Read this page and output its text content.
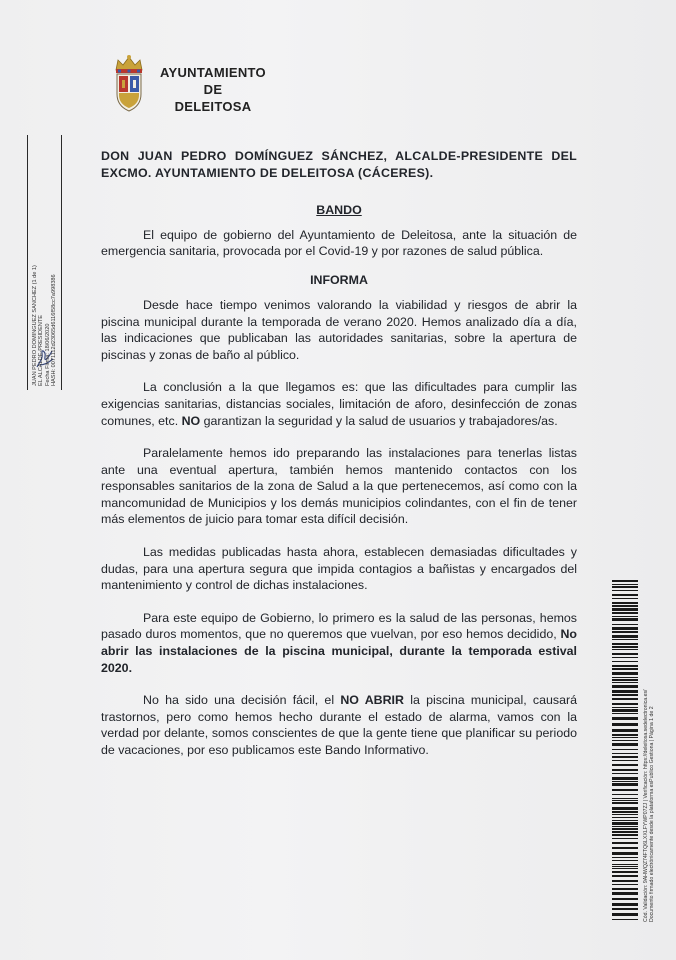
AYUNTAMIENTO
DE
DELEITOSA
JUAN PEDRO DOMINGUEZ SANCHEZ (1 de 1) EL ALCALDE-PRESIDENTE Fecha Firma: 18/06/2020 HASH: 0071112d23065d6116f58cc7a998386
DON JUAN PEDRO DOMÍNGUEZ SÁNCHEZ, ALCALDE-PRESIDENTE DEL EXCMO. AYUNTAMIENTO DE DELEITOSA (CÁCERES).
BANDO

El equipo de gobierno del Ayuntamiento de Deleitosa, ante la situación de emergencia sanitaria, provocada por el Covid-19 y por razones de salud pública.

INFORMA

Desde hace tiempo venimos valorando la viabilidad y riesgos de abrir la piscina municipal durante la temporada de verano 2020. Hemos analizado día a día, las indicaciones que publicaban las autoridades sanitarias, sobre la apertura de piscinas y zonas de baño al público.

La conclusión a la que llegamos es: que las dificultades para cumplir las exigencias sanitarias, distancias sociales, limitación de aforo, desinfección de zonas comunes, etc. NO garantizan la seguridad y la salud de usuarios y trabajadores/as.

Paralelamente hemos ido preparando las instalaciones para tenerlas listas ante una eventual apertura, también hemos mantenido contactos con los responsables sanitarios de la zona de Salud a la que pertenecemos, así como con la mancomunidad de Municipios y los demás municipios colindantes, con el fin de tener más elementos de juicio para tomar esta difícil decisión.

Las medidas publicadas hasta ahora, establecen demasiadas dificultades y dudas, para una apertura segura que impida contagios a bañistas y encargados del mantenimiento y control de dichas instalaciones.

Para este equipo de Gobierno, lo primero es la salud de las personas, hemos pasado duros momentos, que no queremos que vuelvan, por eso hemos decidido, No abrir las instalaciones de la piscina municipal, durante la temporada estival 2020.

No ha sido una decisión fácil, el NO ABRIR la piscina municipal, causará trastornos, pero como hemos hecho durante el estado de alarma, vamos con la verdad por delante, somos conscientes de que la gente tiene que planificar su periodo de vacaciones, por eso publicamos este Bando Informativo.	Cód. Validación: 9AHWQZ74FTQ6LXXLFYWP07ZJ | Verificación: https://deleitosa.sedelectronica.es/ Documento firmado electrónicamente desde la plataforma esPublico Gestiona | Página 1 de 2
